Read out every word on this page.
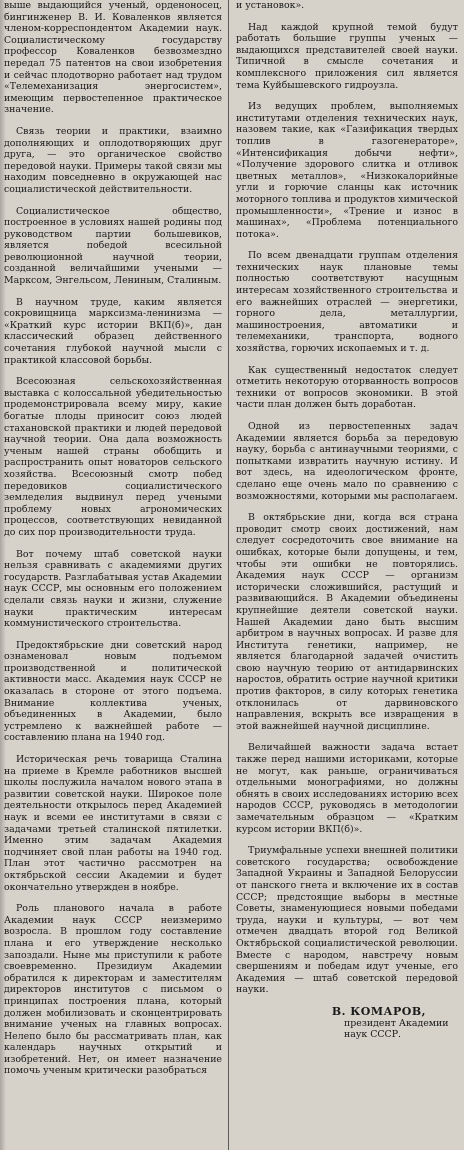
выше выдающийся ученый, орденоносец, бингинженер В. И. Коваленков является членом-корреспондентом Академии наук. Социалистическому государству профессор Коваленков безвозмездно передал 75 патентов на свои изобретения и сейчас плодотворно работает над трудом «Телемеханизация энергосистем», имеющим первостепенное практическое значение.

Связь теории и практики, взаимно дополняющих и оплодотворяющих друг друга, — это органическое свойство передовой науки. Примеры такой связи мы находим повседневно в окружающей нас социалистической действительности.

Социалистическое общество, построенное в условиях нашей родины под руководством партии большевиков, является победой всесильной революционной научной теории, созданной величайшими учеными — Марксом, Энгельсом, Лениным, Сталиным.

В научном труде, каким является сокровищница марксизма-ленинизма — «Краткий курс истории ВКП(б)», дан классический образец действенного сочетания глубокой научной мысли с практикой классовой борьбы.

Всесоюзная сельскохозяйственная выставка с колоссальной убедительностью продемонстрировала всему миру, какие богатые плоды приносит союз людей стахановской практики и людей передовой научной теории. Она дала возможность ученым нашей страны обобщить и распространить опыт новаторов сельского хозяйства. Всесоюзный смотр побед передовиков социалистического земледелия выдвинул перед учеными проблему новых агрономических процессов, соответствующих невиданной до сих пор производительности труда.

Вот почему штаб советской науки нельзя сравнивать с академиями других государств. Разглабатывая устав Академии наук СССР, мы основным его положением сделали связь науки и жизни, служение науки практическим интересам коммунистического строительства.

Предоктябрьские дни советский народ ознаменовал новым подъемом производственной и политической активности масс. Академия наук СССР не оказалась в стороне от этого подъема. Внимание коллектива ученых, объединенных в Академии, было устремлено к важнейшей работе — составлению плана на 1940 год.

Историческая речь товарища Сталина на приеме в Кремле работников высшей школы послужила началом нового этапа в развитии советской науки. Широкое поле деятельности открылось перед Академией наук и всеми ее институтами в связи с задачами третьей сталинской пятилетки. Именно этим задачам Академия подчиняет свой план работы на 1940 год. План этот частично рассмотрен на октябрьской сессии Академии и будет окончательно утвержден в ноябре.

Роль планового начала в работе Академии наук СССР неизмеримо возросла. В прошлом году составление плана и его утверждение несколько запоздали. Ныне мы приступили к работе своевременно. Президиум Академии обратился к директорам и заместителям директоров институтов с письмом о принципах построения плана, который должен мобилизовать и сконцентрировать внимание ученых на главных вопросах. Нелепо было бы рассматривать план, как календарь научных открытий и изобретений. Нет, он имеет назначение помочь ученым критически разобраться

и установок».

Над каждой крупной темой будут работать большие группы ученых — выдающихся представителей своей науки. Типичной в смысле сочетания и комплексного приложения сил является тема Куйбышевского гидроузла.

Из ведущих проблем, выполняемых институтами отделения технических наук, назовем такие, как «Газификация твердых топлив в газогенераторе», «Интенсификация добычи нефти», «Получение здорового слитка и отливок цветных металлов», «Низкокалорийные угли и горючие сланцы как источник моторного топлива и продуктов химической промышленности», «Трение и износ в машинах», «Проблема потенциального потока».

По всем двенадцати группам отделения технических наук плановые темы полностью соответствуют насущным интересам хозяйственного строительства и его важнейших отраслей — энергетики, горного дела, металлургии, машиностроения, автоматики и телемеханики, транспорта, водного хозяйства, горючих ископаемых и т. д.

Как существенный недостаток следует отметить некоторую оторванность вопросов техники от вопросов экономики. В этой части план должен быть доработан.

Одной из первостепенных задач Академии является борьба за передовую науку, борьба с антинаучными теориями, с попытками извратить научную истину. И вот здесь, на идеологическом фронте, сделано еще очень мало по сравнению с возможностями, которыми мы располагаем.

В октябрьские дни, когда вся страна проводит смотр своих достижений, нам следует сосредоточить свое внимание на ошибках, которые были допущены, и тем, чтобы эти ошибки не повторялись. Академия наук СССР — организм исторически сложившийся, растущий и развивающийся. В Академии объединены крупнейшие деятели советской науки. Нашей Академии дано быть высшим арбитром в научных вопросах. И разве для Института генетики, например, не является благодарной задачей очистить свою научную теорию от антидарвинских наростов, обратить острие научной критики против факторов, в силу которых генетика отклонилась от дарвиновского направления, вскрыть все извращения в этой важнейшей научной дисциплине.

Величайшей важности задача встает также перед нашими историками, которые не могут, как раньше, ограничиваться отдельными монографиями, но должны обнять в своих исследованиях историю всех народов СССР, руководясь в методологии замечательным образцом — «Кратким курсом истории ВКП(б)».

Триумфальные успехи внешней политики советского государства; освобождение Западной Украины и Западной Белоруссии от панского гнета и включение их в состав СССР; предстоящие выборы в местные Советы, знаменующиеся новыми победами труда, науки и культуры, — вот чем отмечен двадцать второй год Великой Октябрьской социалистической революции. Вместе с народом, навстречу новым свершениям и победам идут ученые, его Академия — штаб советской передовой науки.

В. КОМАРОВ,
президент Академии
наук СССР.
